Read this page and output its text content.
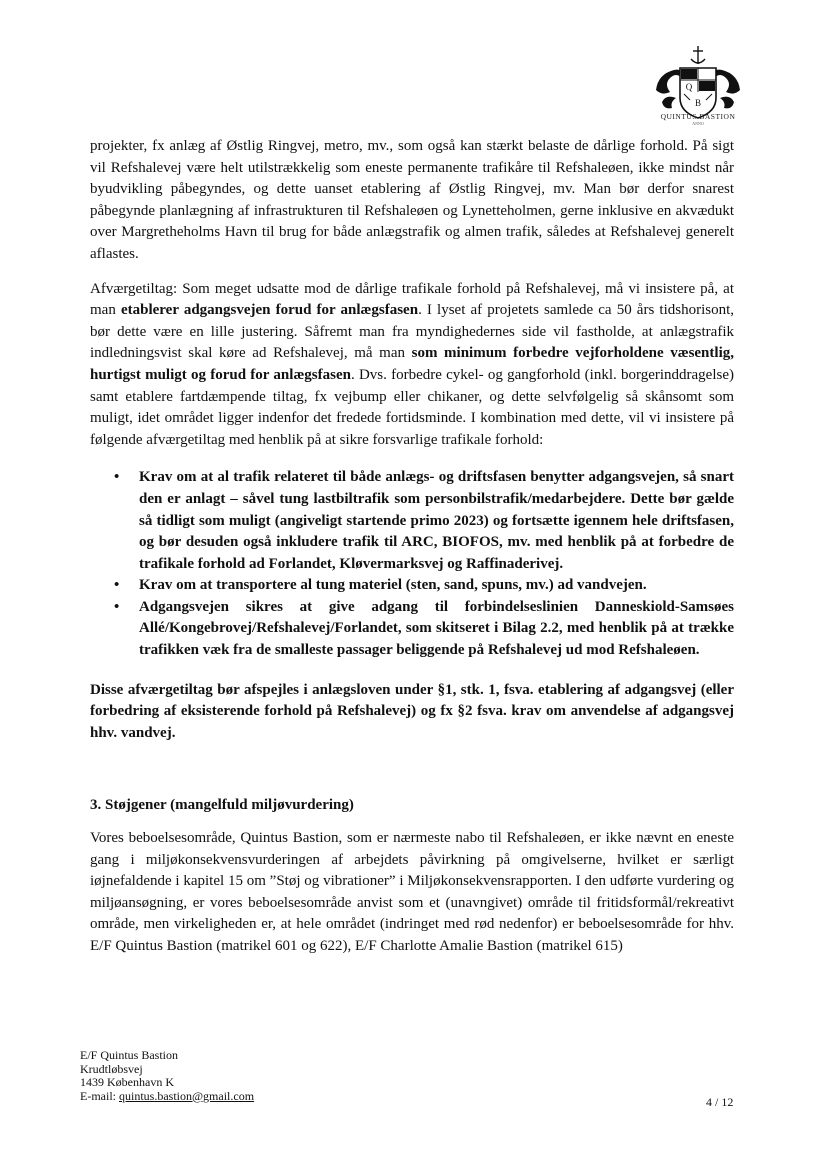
Q
B
QUINTUS BASTION
ANNO

projekter, fx anlæg af Østlig Ringvej, metro, mv., som også kan stærkt belaste de dårlige forhold. På sigt vil Refshalevej være helt utilstrækkelig som eneste permanente trafikåre til Refshaleøen, ikke mindst når byudvikling påbegyndes, og dette uanset etablering af Østlig Ringvej, mv. Man bør derfor snarest påbegynde planlægning af infrastrukturen til Refshaleøen og Lynetteholmen, gerne inklusive en akvædukt over Margretheholms Havn til brug for både anlægstrafik og almen trafik, således at Refshalevej generelt aflastes.

Afværgetiltag: Som meget udsatte mod de dårlige trafikale forhold på Refshalevej, må vi insistere på, at man etablerer adgangsvejen forud for anlægsfasen. I lyset af projetets samlede ca 50 års tidshorisont, bør dette være en lille justering. Såfremt man fra myndighedernes side vil fastholde, at anlægstrafik indledningsvist skal køre ad Refshalevej, må man som minimum forbedre vejforholdene væsentlig, hurtigst muligt og forud for anlægsfasen. Dvs. forbedre cykel- og gangforhold (inkl. borgerinddragelse) samt etablere fartdæmpende tiltag, fx vejbump eller chikaner, og dette selvfølgelig så skånsomt som muligt, idet området ligger indenfor det fredede fortidsminde. I kombination med dette, vil vi insistere på følgende afværgetiltag med henblik på at sikre forsvarlige trafikale forhold:

• Krav om at al trafik relateret til både anlægs- og driftsfasen benytter adgangsvejen, så snart den er anlagt – såvel tung lastbiltrafik som personbilstrafik/medarbejdere. Dette bør gælde så tidligt som muligt (angiveligt startende primo 2023) og fortsætte igennem hele driftsfasen, og bør desuden også inkludere trafik til ARC, BIOFOS, mv. med henblik på at forbedre de trafikale forhold ad Forlandet, Kløvermarksvej og Raffinaderivej.
• Krav om at transportere al tung materiel (sten, sand, spuns, mv.) ad vandvejen.
• Adgangsvejen sikres at give adgang til forbindelseslinien Danneskiold-Samsøes Allé/Kongebrovej/Refshalevej/Forlandet, som skitseret i Bilag 2.2, med henblik på at trække trafikken væk fra de smalleste passager beliggende på Refshalevej ud mod Refshaleøen.

Disse afværgetiltag bør afspejles i anlægsloven under §1, stk. 1, fsva. etablering af adgangsvej (eller forbedring af eksisterende forhold på Refshalevej) og fx §2 fsva. krav om anvendelse af adgangsvej hhv. vandvej.

3. Støjgener (mangelfuld miljøvurdering)

Vores beboelsesområde, Quintus Bastion, som er nærmeste nabo til Refshaleøen, er ikke nævnt en eneste gang i miljøkonsekvensvurderingen af arbejdets påvirkning på omgivelserne, hvilket er særligt iøjnefaldende i kapitel 15 om ”Støj og vibrationer” i Miljøkonsekvensrapporten. I den udførte vurdering og miljøansøgning, er vores beboelsesområde anvist som et (unavngivet) område til fritidsformål/rekreativt område, men virkeligheden er, at hele området (indringet med rød nedenfor) er beboelsesområde for hhv. E/F Quintus Bastion (matrikel 601 og 622), E/F Charlotte Amalie Bastion (matrikel 615)

E/F Quintus Bastion
Krudtløbsvej
1439 København K
E-mail: quintus.bastion@gmail.com	4 / 12
